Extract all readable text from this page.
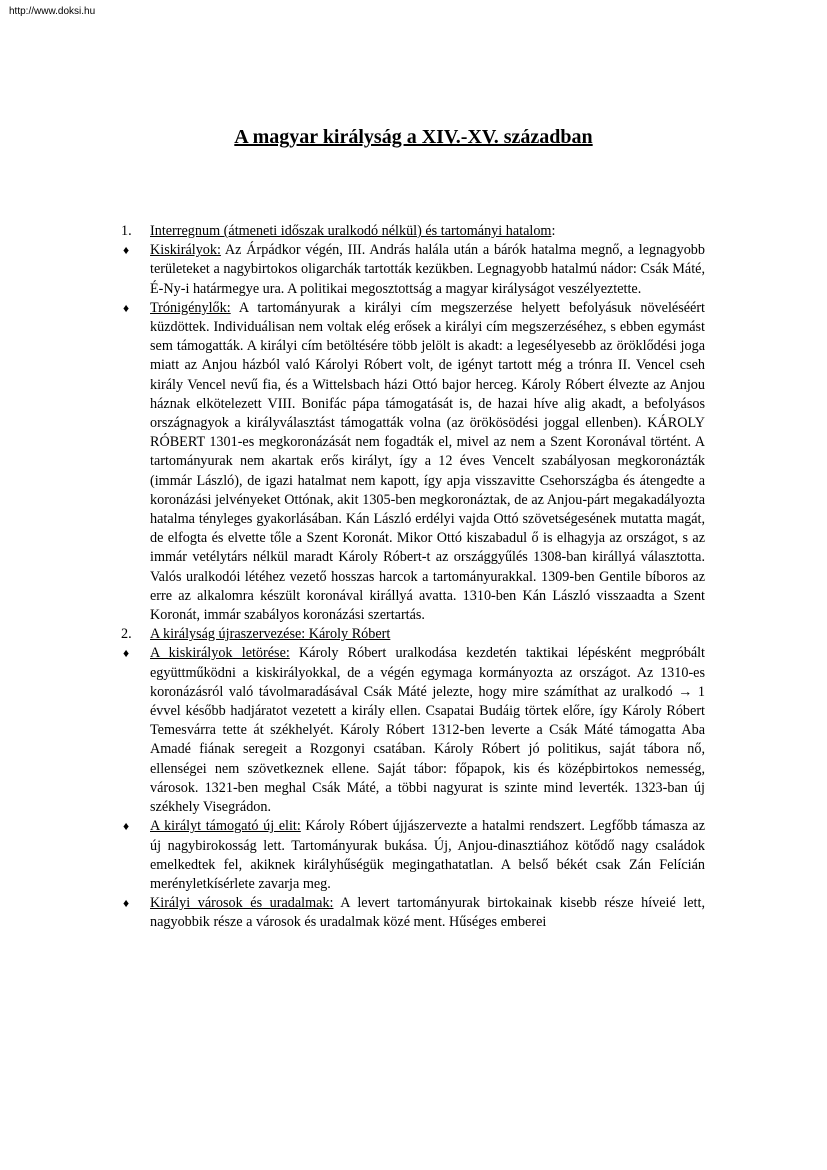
http://www.doksi.hu
A magyar királyság a XIV.-XV. században
1.	Interregnum (átmeneti időszak uralkodó nélkül) és tartományi hatalom:
♦	Kiskirályok: Az Árpádkor végén, III. András halála után a bárók hatalma megnő, a legnagyobb területeket a nagybirtokos oligarchák tartották kezükben. Legnagyobb hatalmú nádor: Csák Máté, É-Ny-i határmegye ura. A politikai megosztottság a magyar királyságot veszélyeztette.
♦	Trónigénylők: A tartományurak a királyi cím megszerzése helyett befolyásuk növeléséért küzdöttek. Individuálisan nem voltak elég erősek a királyi cím megszerzéséhez, s ebben egymást sem támogatták. A királyi cím betöltésére több jelölt is akadt: a legesélyesebb az öröklődési joga miatt az Anjou házból való Károlyi Róbert volt, de igényt tartott még a trónra II. Vencel cseh király Vencel nevű fia, és a Wittelsbach házi Ottó bajor herceg. Károly Róbert élvezte az Anjou háznak elkötelezett VIII. Bonifác pápa támogatását is, de hazai híve alig akadt, a befolyásos országnagyok a királyválasztást támogatták volna (az örökösödési joggal ellenben). KÁROLY RÓBERT 1301-es megkoronázását nem fogadták el, mivel az nem a Szent Koronával történt. A tartományurak nem akartak erős királyt, így a 12 éves Vencelt szabályosan megkoronázták (immár László), de igazi hatalmat nem kapott, így apja visszavitte Csehországba és átengedte a koronázási jelvényeket Ottónak, akit 1305-ben megkoronáztak, de az Anjou-párt megakadályozta hatalma tényleges gyakorlásában. Kán László erdélyi vajda Ottó szövetségesének mutatta magát, de elfogta és elvette tőle a Szent Koronát. Mikor Ottó kiszabadul ő is elhagyja az országot, s az immár vetélytárs nélkül maradt Károly Róbert-t az országgyűlés 1308-ban királlyá választotta. Valós uralkodói létéhez vezető hosszas harcok a tartományurakkal. 1309-ben Gentile bíboros az erre az alkalomra készült koronával királlyá avatta. 1310-ben Kán László visszaadta a Szent Koronát, immár szabályos koronázási szertartás.
2.	A királyság újraszervezése: Károly Róbert
♦	A kiskirályok letörése: Károly Róbert uralkodása kezdetén taktikai lépésként megpróbált együttműködni a kiskirályokkal, de a végén egymaga kormányozta az országot. Az 1310-es koronázásról való távolmaradásával Csák Máté jelezte, hogy mire számíthat az uralkodó → 1 évvel később hadjáratot vezetett a király ellen. Csapatai Budáig törtek előre, így Károly Róbert Temesvárra tette át székhelyét. Károly Róbert 1312-ben leverte a Csák Máté támogatta Aba Amadé fiának seregeit a Rozgonyi csatában. Károly Róbert jó politikus, saját tábora nő, ellenségei nem szövetkeznek ellene. Saját tábor: főpapok, kis és középbirtokos nemesség, városok. 1321-ben meghal Csák Máté, a többi nagyurat is szinte mind leverték. 1323-ban új székhely Visegrádon.
♦	A királyt támogató új elit: Károly Róbert újjászervezte a hatalmi rendszert. Legfőbb támasza az új nagybirokosság lett. Tartományurak bukása. Új, Anjou-dinasztiához kötődő nagy családok emelkedtek fel, akiknek királyhűségük megingathatatlan. A belső békét csak Zán Felícián merényletkísérlete zavarja meg.
♦	Királyi városok és uradalmak: A levert tartományurak birtokainak kisebb része híveié lett, nagyobbik része a városok és uradalmak közé ment. Hűséges emberei
